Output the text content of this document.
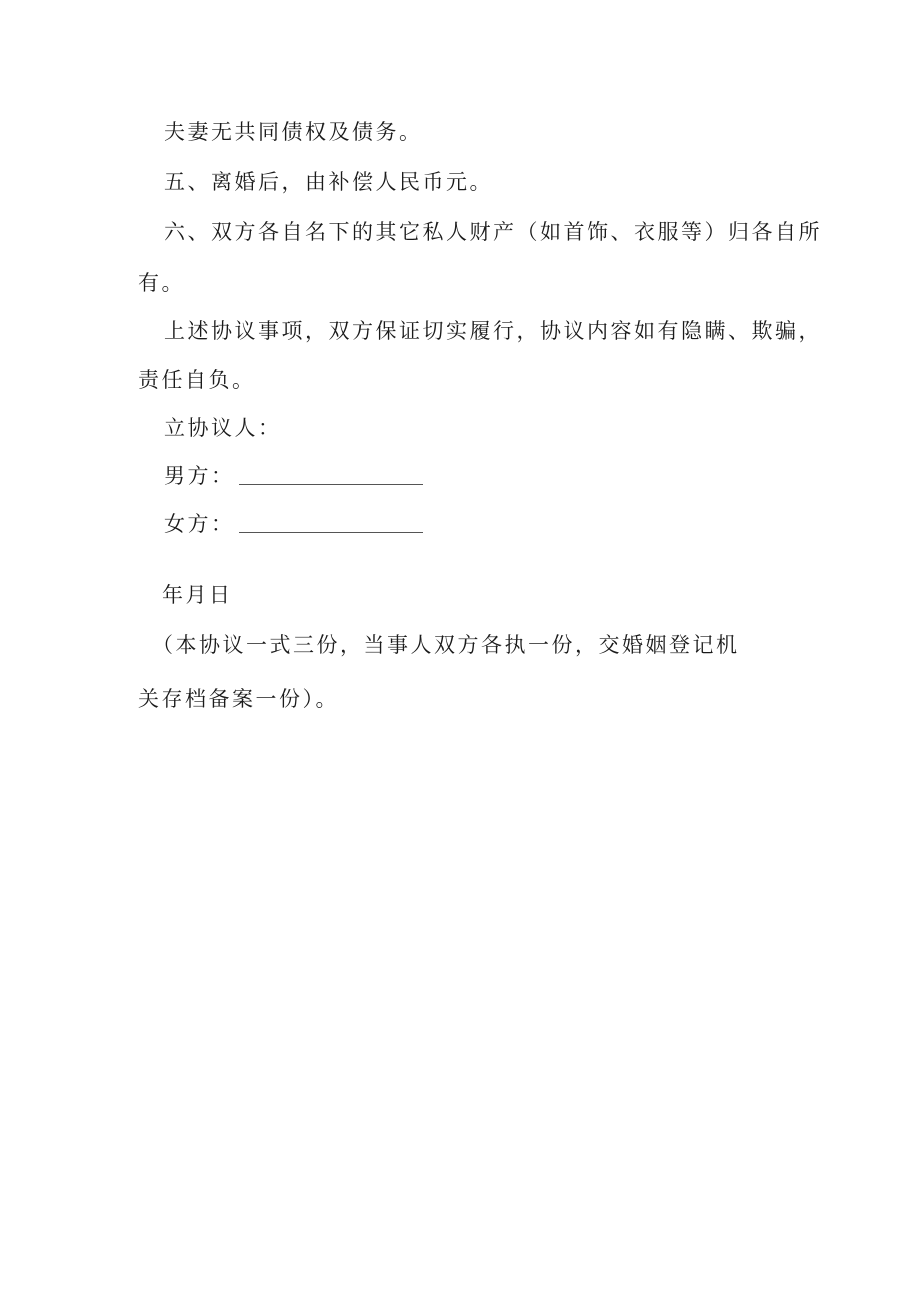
夫妻无共同债权及债务。
五、离婚后，由补偿人民币元。
六、双方各自名下的其它私人财产（如首饰、衣服等）归各自所
有。
上述协议事项，双方保证切实履行，协议内容如有隐瞒、欺骗，
责任自负。
立协议人：
男方：
女方：
年月日
（本协议一式三份，当事人双方各执一份，交婚姻登记机
关存档备案一份）。
